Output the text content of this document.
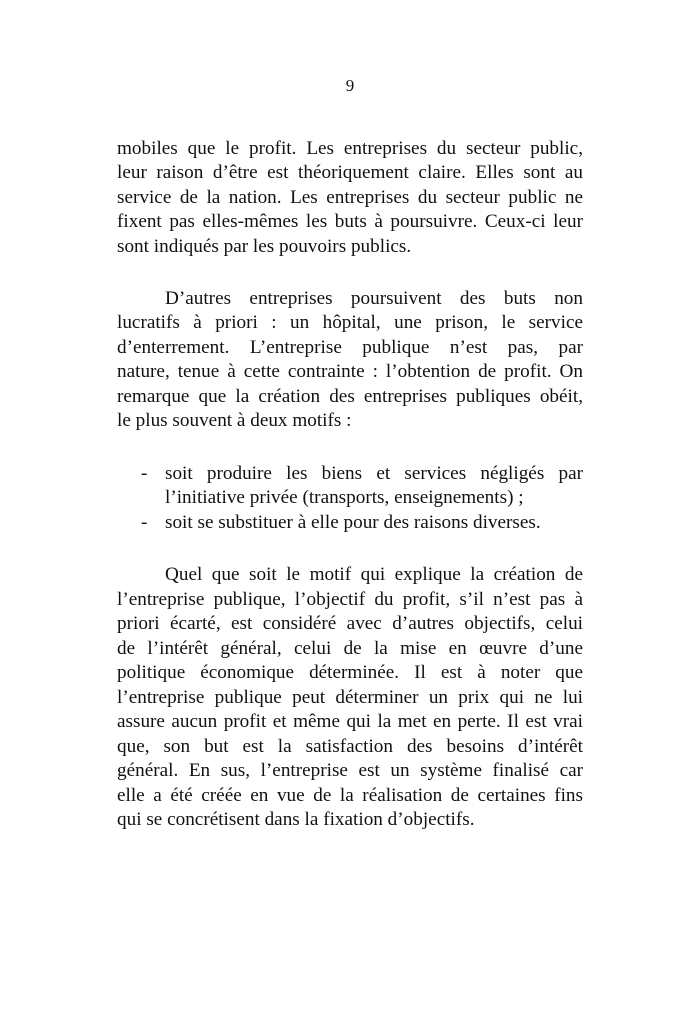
9
mobiles que le profit. Les entreprises du secteur public,
leur raison d’être est théoriquement claire. Elles sont au
service de la nation. Les entreprises du secteur public ne
fixent pas elles-mêmes les buts à poursuivre. Ceux-ci leur
sont indiqués par les pouvoirs publics.
D’autres entreprises poursuivent des buts non
lucratifs à priori : un hôpital, une prison, le service
d’enterrement. L’entreprise publique n’est pas, par
nature, tenue à cette contrainte : l’obtention de profit. On
remarque que la création des entreprises publiques obéit,
le plus souvent à deux motifs :
- soit produire les biens et services négligés par
l’initiative privée (transports, enseignements) ;
- soit se substituer à elle pour des raisons diverses.
Quel que soit le motif qui explique la création de
l’entreprise publique, l’objectif du profit, s’il n’est pas à
priori écarté, est considéré avec d’autres objectifs, celui
de l’intérêt général, celui de la mise en œuvre d’une
politique économique déterminée. Il est à noter que
l’entreprise publique peut déterminer un prix qui ne lui
assure aucun profit et même qui la met en perte. Il est vrai
que, son but est la satisfaction des besoins d’intérêt
général. En sus, l’entreprise est un système finalisé car
elle a été créée en vue de la réalisation de certaines fins
qui se concrétisent dans la fixation d’objectifs.
